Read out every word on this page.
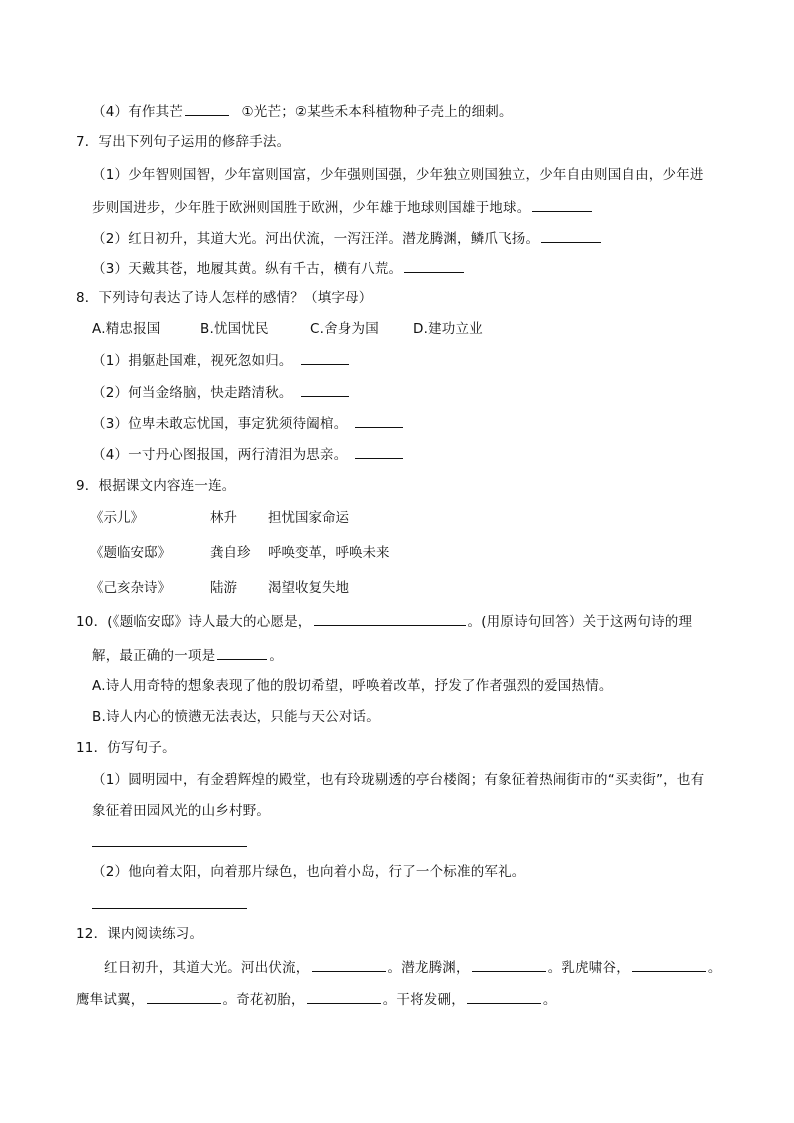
（4）有作其芒	①光芒；②某些禾本科植物种子壳上的细刺。
7．写出下列句子运用的修辞手法。
（1）少年智则国智，少年富则国富，少年强则国强，少年独立则国独立，少年自由则国自由，少年进
步则国进步，少年胜于欧洲则国胜于欧洲，少年雄于地球则国雄于地球。
（2）红日初升，其道大光。河出伏流，一泻汪洋。潜龙腾渊，鳞爪飞扬。
（3）天戴其苍，地履其黄。纵有千古，横有八荒。
8．下列诗句表达了诗人怎样的感情？（填字母）
A.精忠报国	B.忧国忧民	C.舍身为国	D.建功立业
（1）捐躯赴国难，视死忽如归。
（2）何当金络脑，快走踏清秋。
（3）位卑未敢忘忧国，事定犹须待阖棺。
（4）一寸丹心图报国，两行清泪为思亲。
9．根据课文内容连一连。
《示儿》	林升 担忧国家命运
《题临安邸》	龚自珍 呼唤变革，呼唤未来
《己亥杂诗》	陆游 渴望收复失地
10．(《题临安邸》诗人最大的心愿是，	。(用原诗句回答）关于这两句诗的理
解，最正确的一项是	。
A.诗人用奇特的想象表现了他的殷切希望，呼唤着改革，抒发了作者强烈的爱国热情。
B.诗人内心的愤懑无法表达，只能与天公对话。
11．仿写句子。
（1）圆明园中，有金碧辉煌的殿堂，也有玲珑剔透的亭台楼阁；有象征着热闹街市的“买卖街”，也有
象征着田园风光的山乡村野。
（2）他向着太阳，向着那片绿色，也向着小岛，行了一个标准的军礼。
12．课内阅读练习。
红日初升，其道大光。河出伏流，	。潜龙腾渊，	。乳虎啸谷，	。
鹰隼试翼，	。奇花初胎，	。干将发硎，	。
